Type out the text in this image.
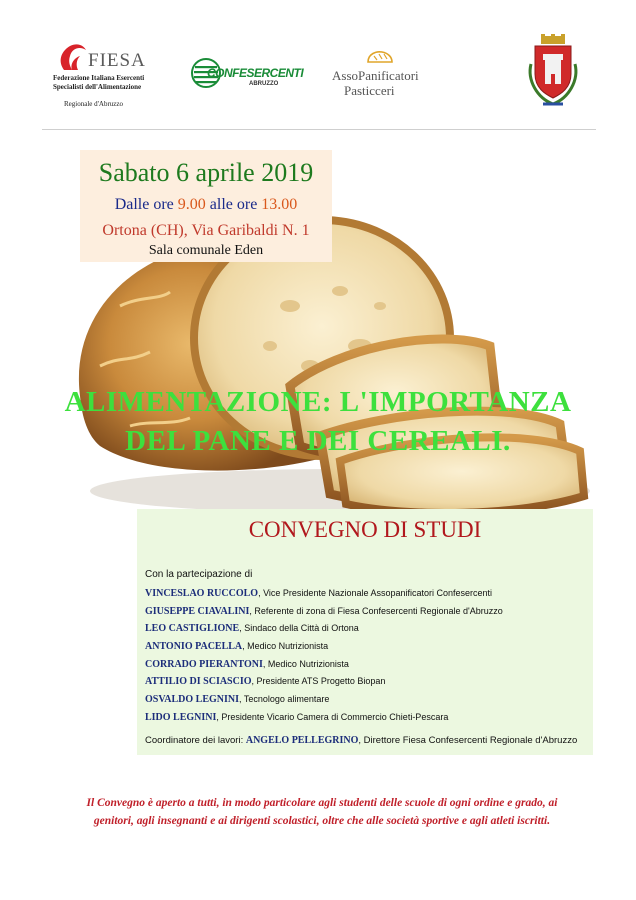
FIESA
Federazione Italiana Esercenti
Specialisti dell'Alimentazione
Regionale d'Abruzzo
CONFESERCENTI
ABRUZZO
AssoPanificatori
Pasticceri
Sabato 6 aprile 2019
Dalle ore 9.00 alle ore 13.00
Ortona (CH), Via Garibaldi N. 1
Sala comunale Eden
ALIMENTAZIONE: L'IMPORTANZA
DEL PANE E DEI CEREALI.
CONVEGNO DI STUDI
Con la partecipazione di
VINCESLAO RUCCOLO, Vice Presidente Nazionale Assopanificatori Confesercenti
GIUSEPPE CIAVALINI, Referente di zona di Fiesa Confesercenti Regionale d'Abruzzo
LEO CASTIGLIONE, Sindaco della Città di Ortona
ANTONIO PACELLA, Medico Nutrizionista
CORRADO PIERANTONI, Medico Nutrizionista
ATTILIO DI SCIASCIO, Presidente ATS Progetto Biopan
OSVALDO LEGNINI, Tecnologo alimentare
LIDO LEGNINI, Presidente Vicario Camera di Commercio Chieti-Pescara
Coordinatore dei lavori: ANGELO PELLEGRINO, Direttore Fiesa Confesercenti Regionale d'Abruzzo
Il Convegno è aperto a tutti, in modo particolare agli studenti delle scuole di ogni ordine e grado, ai
genitori, agli insegnanti e ai dirigenti scolastici, oltre che alle società sportive e agli atleti iscritti.
